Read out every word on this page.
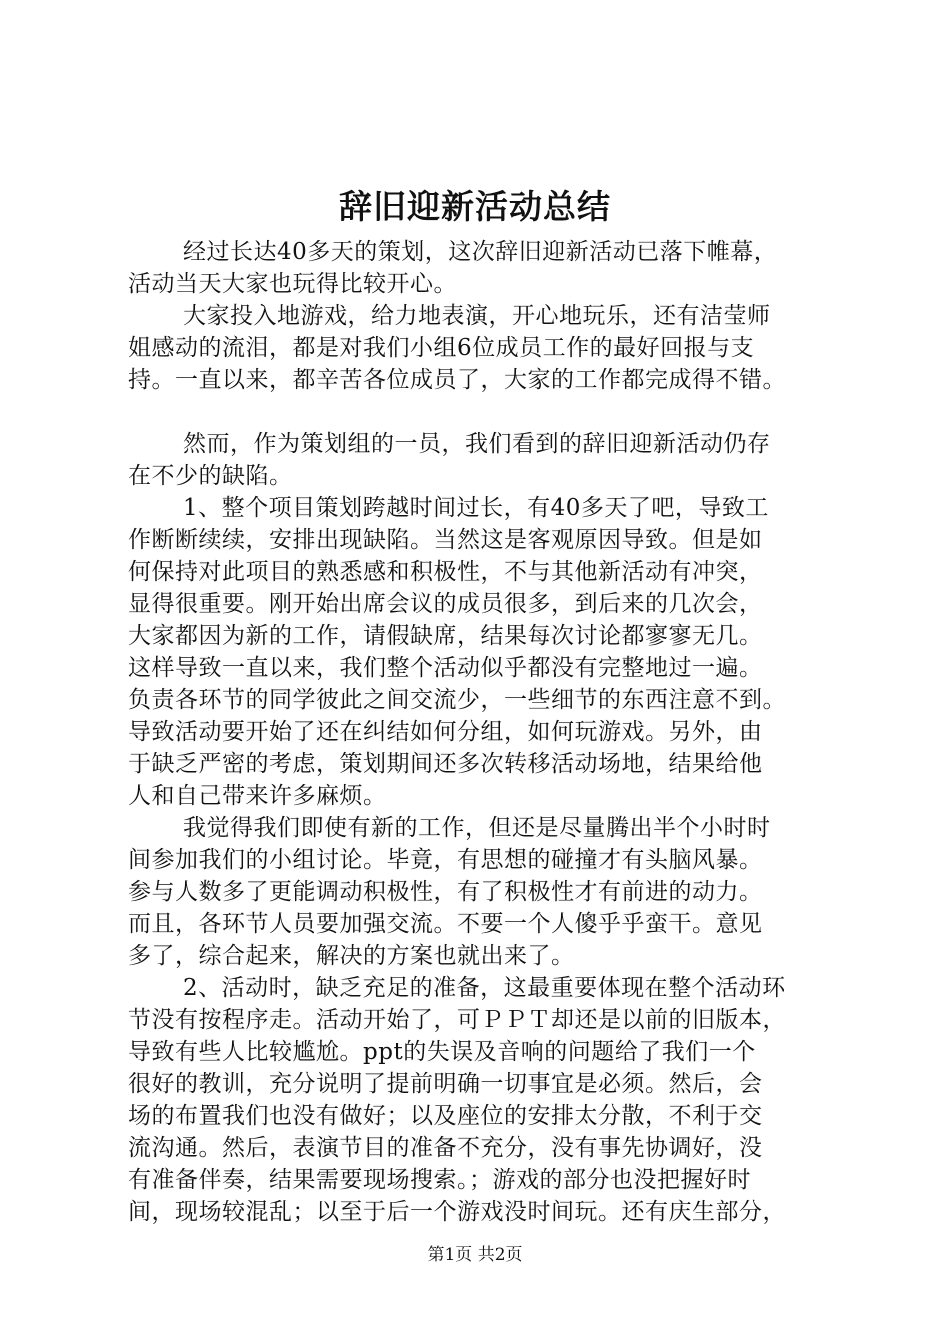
辞旧迎新活动总结

经过长达40多天的策划，这次辞旧迎新活动已落下帷幕，
活动当天大家也玩得比较开心。

大家投入地游戏，给力地表演，开心地玩乐，还有洁莹师
姐感动的流泪，都是对我们小组6位成员工作的最好回报与支
持。一直以来，都辛苦各位成员了，大家的工作都完成得不错。

然而，作为策划组的一员，我们看到的辞旧迎新活动仍存
在不少的缺陷。

1、整个项目策划跨越时间过长，有40多天了吧，导致工
作断断续续，安排出现缺陷。当然这是客观原因导致。但是如
何保持对此项目的熟悉感和积极性，不与其他新活动有冲突，
显得很重要。刚开始出席会议的成员很多，到后来的几次会，
大家都因为新的工作，请假缺席，结果每次讨论都寥寥无几。
这样导致一直以来，我们整个活动似乎都没有完整地过一遍。
负责各环节的同学彼此之间交流少，一些细节的东西注意不到。
导致活动要开始了还在纠结如何分组，如何玩游戏。另外，由
于缺乏严密的考虑，策划期间还多次转移活动场地，结果给他
人和自己带来许多麻烦。

我觉得我们即使有新的工作，但还是尽量腾出半个小时时
间参加我们的小组讨论。毕竟，有思想的碰撞才有头脑风暴。
参与人数多了更能调动积极性，有了积极性才有前进的动力。
而且，各环节人员要加强交流。不要一个人傻乎乎蛮干。意见
多了，综合起来，解决的方案也就出来了。

2、活动时，缺乏充足的准备，这最重要体现在整个活动环
节没有按程序走。活动开始了，可ＰＰＴ却还是以前的旧版本，
导致有些人比较尴尬。ppt的失误及音响的问题给了我们一个
很好的教训，充分说明了提前明确一切事宜是必须。然后，会
场的布置我们也没有做好；以及座位的安排太分散，不利于交
流沟通。然后，表演节目的准备不充分，没有事先协调好，没
有准备伴奏，结果需要现场搜索。；游戏的部分也没把握好时
间，现场较混乱；以至于后一个游戏没时间玩。还有庆生部分，

第1页 共2页
